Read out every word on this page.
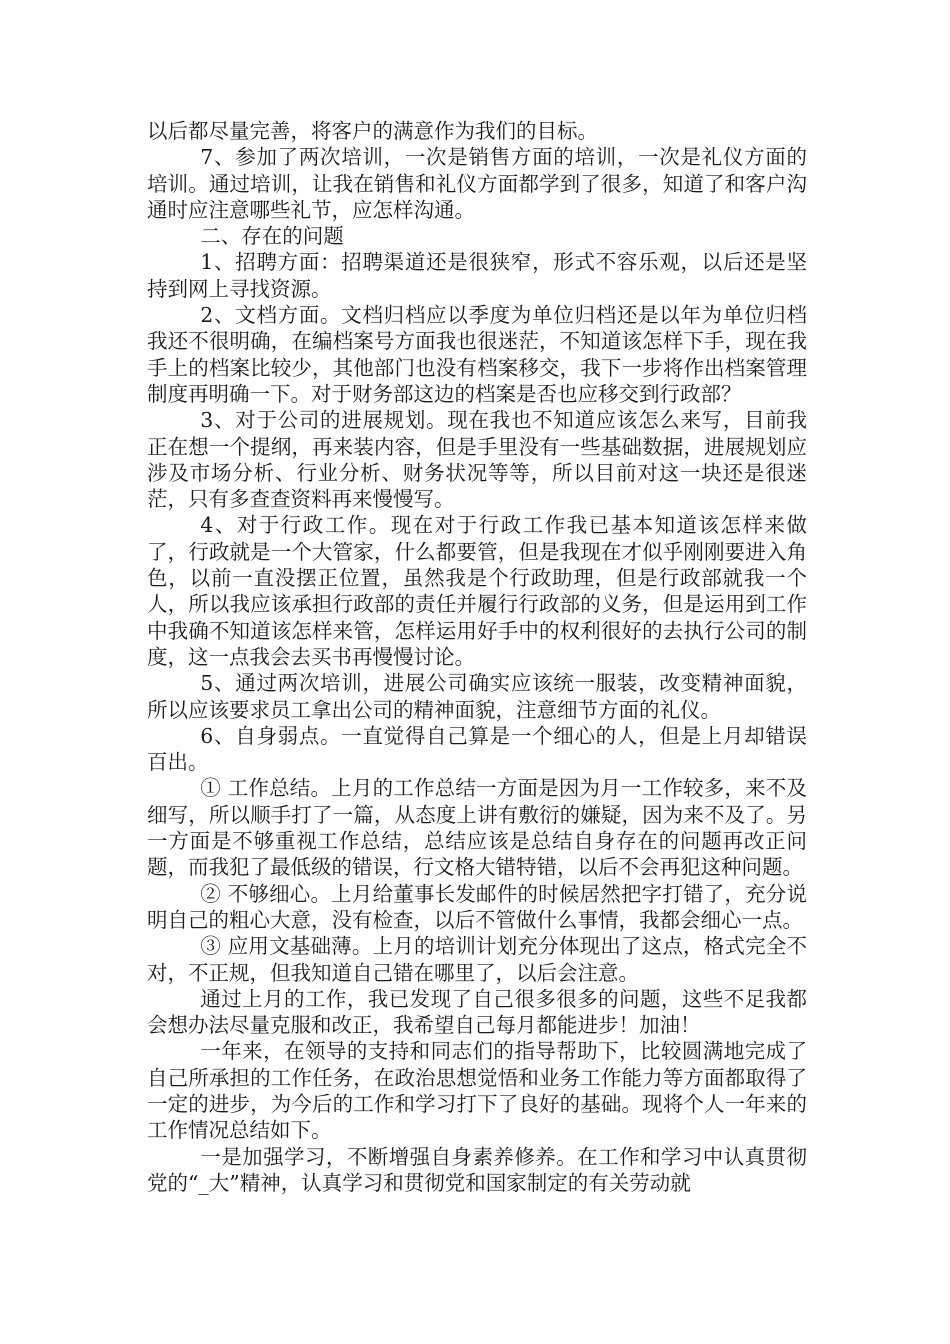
以后都尽量完善，将客户的满意作为我们的目标。

7、参加了两次培训，一次是销售方面的培训，一次是礼仪方面的培训。通过培训，让我在销售和礼仪方面都学到了很多，知道了和客户沟通时应注意哪些礼节，应怎样沟通。

二、存在的问题

1、招聘方面：招聘渠道还是很狭窄，形式不容乐观，以后还是坚持到网上寻找资源。

2、文档方面。文档归档应以季度为单位归档还是以年为单位归档我还不很明确，在编档案号方面我也很迷茫，不知道该怎样下手，现在我手上的档案比较少，其他部门也没有档案移交，我下一步将作出档案管理制度再明确一下。对于财务部这边的档案是否也应移交到行政部？

3、对于公司的进展规划。现在我也不知道应该怎么来写，目前我正在想一个提纲，再来装内容，但是手里没有一些基础数据，进展规划应涉及市场分析、行业分析、财务状况等等，所以目前对这一块还是很迷茫，只有多查查资料再来慢慢写。

4、对于行政工作。现在对于行政工作我已基本知道该怎样来做了，行政就是一个大管家，什么都要管，但是我现在才似乎刚刚要进入角色，以前一直没摆正位置，虽然我是个行政助理，但是行政部就我一个人，所以我应该承担行政部的责任并履行行政部的义务，但是运用到工作中我确不知道该怎样来管，怎样运用好手中的权利很好的去执行公司的制度，这一点我会去买书再慢慢讨论。

5、通过两次培训，进展公司确实应该统一服装，改变精神面貌，所以应该要求员工拿出公司的精神面貌，注意细节方面的礼仪。

6、自身弱点。一直觉得自己算是一个细心的人，但是上月却错误百出。

① 工作总结。上月的工作总结一方面是因为月一工作较多，来不及细写，所以顺手打了一篇，从态度上讲有敷衍的嫌疑，因为来不及了。另一方面是不够重视工作总结，总结应该是总结自身存在的问题再改正问题，而我犯了最低级的错误，行文格大错特错，以后不会再犯这种问题。

② 不够细心。上月给董事长发邮件的时候居然把字打错了，充分说明自己的粗心大意，没有检查，以后不管做什么事情，我都会细心一点。

③ 应用文基础薄。上月的培训计划充分体现出了这点，格式完全不对，不正规，但我知道自己错在哪里了，以后会注意。

通过上月的工作，我已发现了自己很多很多的问题，这些不足我都会想办法尽量克服和改正，我希望自己每月都能进步！加油！

一年来，在领导的支持和同志们的指导帮助下，比较圆满地完成了自己所承担的工作任务，在政治思想觉悟和业务工作能力等方面都取得了一定的进步，为今后的工作和学习打下了良好的基础。现将个人一年来的工作情况总结如下。

一是加强学习，不断增强自身素养修养。在工作和学习中认真贯彻党的“_大”精神，认真学习和贯彻党和国家制定的有关劳动就
